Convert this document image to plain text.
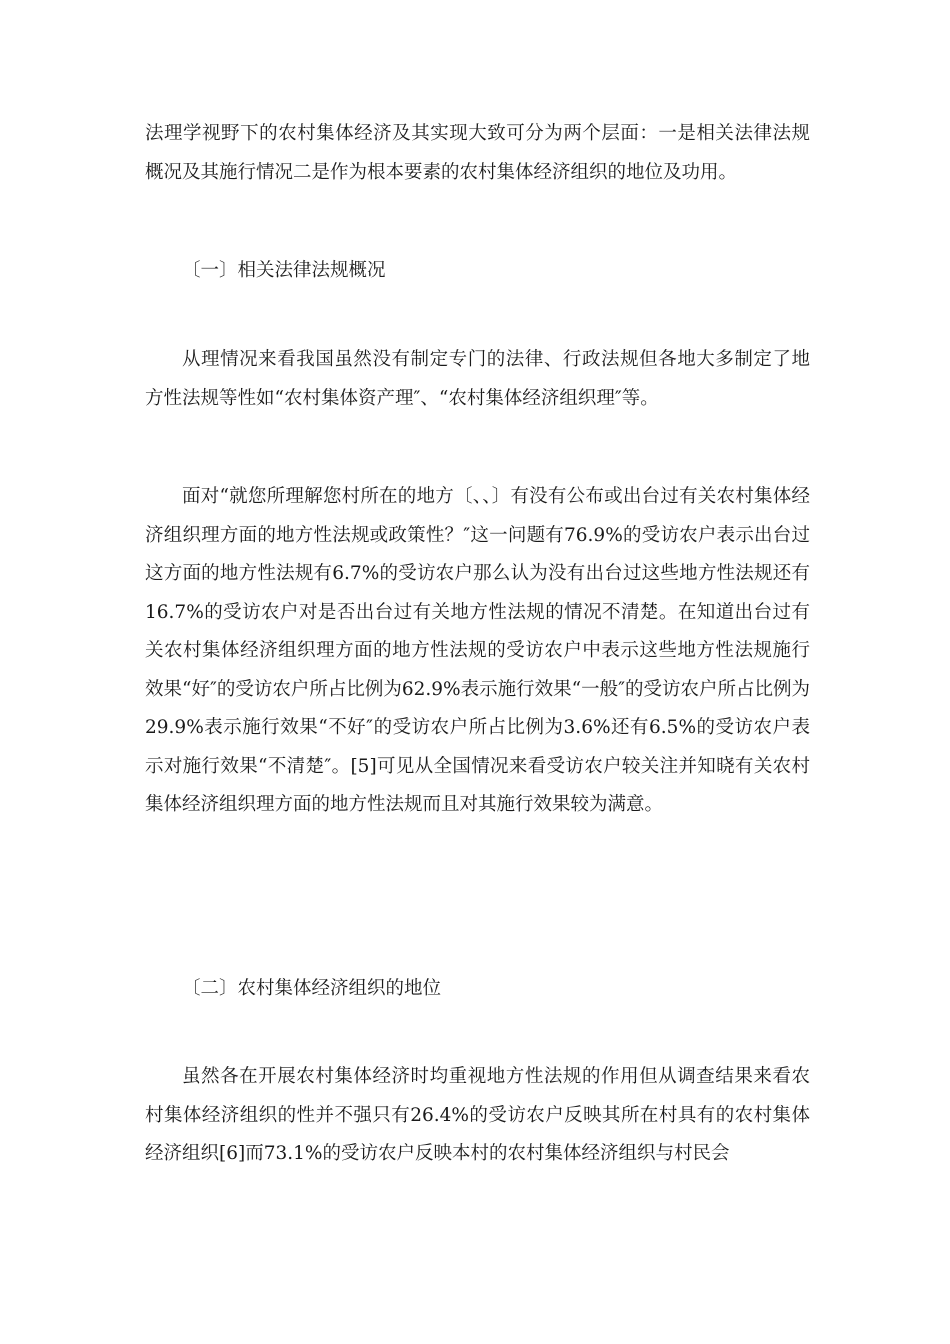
法理学视野下的农村集体经济及其实现大致可分为两个层面：一是相关法律法规概况及其施行情况二是作为根本要素的农村集体经济组织的地位及功用。

〔一〕相关法律法规概况

从理情况来看我国虽然没有制定专门的法律、行政法规但各地大多制定了地方性法规等性如“农村集体资产理″、“农村集体经济组织理″等。

面对“就您所理解您村所在的地方〔、、〕有没有公布或出台过有关农村集体经济组织理方面的地方性法规或政策性？″这一问题有76.9%的受访农户表示出台过这方面的地方性法规有6.7%的受访农户那么认为没有出台过这些地方性法规还有16.7%的受访农户对是否出台过有关地方性法规的情况不清楚。在知道出台过有关农村集体经济组织理方面的地方性法规的受访农户中表示这些地方性法规施行效果“好″的受访农户所占比例为62.9%表示施行效果“一般″的受访农户所占比例为29.9%表示施行效果“不好″的受访农户所占比例为3.6%还有6.5%的受访农户表示对施行效果“不清楚″。[5]可见从全国情况来看受访农户较关注并知晓有关农村集体经济组织理方面的地方性法规而且对其施行效果较为满意。

〔二〕农村集体经济组织的地位

虽然各在开展农村集体经济时均重视地方性法规的作用但从调查结果来看农村集体经济组织的性并不强只有26.4%的受访农户反映其所在村具有的农村集体经济组织[6]而73.1%的受访农户反映本村的农村集体经济组织与村民会
